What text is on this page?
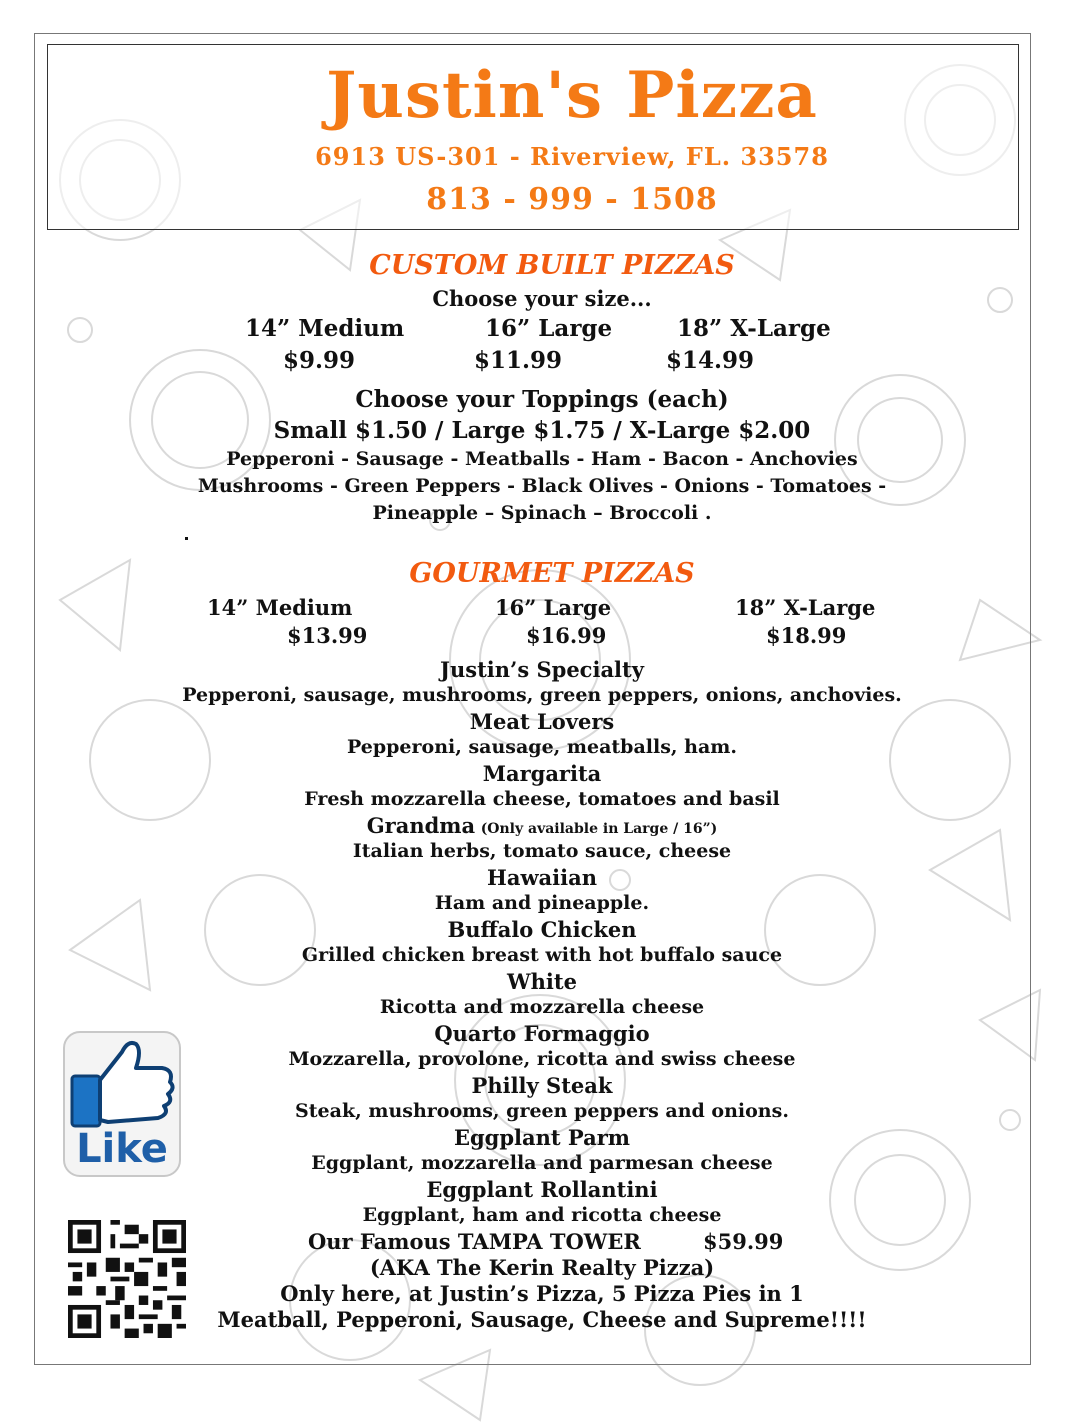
Justin's Pizza
6913 US-301 - Riverview, FL. 33578
813 - 999 - 1508
CUSTOM BUILT PIZZAS
Choose your size...
14” Medium	16” Large	18” X-Large
$9.99	$11.99	$14.99
Choose your Toppings (each)
Small $1.50 / Large $1.75 / X-Large $2.00
Pepperoni - Sausage - Meatballs - Ham - Bacon - Anchovies
Mushrooms - Green Peppers - Black Olives - Onions - Tomatoes -
Pineapple – Spinach – Broccoli .
GOURMET PIZZAS
14” Medium	16” Large	18” X-Large
$13.99	$16.99	$18.99
Justin’s Specialty
Pepperoni, sausage, mushrooms, green peppers, onions, anchovies.
Meat Lovers
Pepperoni, sausage, meatballs, ham.
Margarita
Fresh mozzarella cheese, tomatoes and basil
Grandma (Only available in Large / 16”)
Italian herbs, tomato sauce, cheese
Hawaiian
Ham and pineapple.
Buffalo Chicken
Grilled chicken breast with hot buffalo sauce
White
Ricotta and mozzarella cheese
Quarto Formaggio
Mozzarella, provolone, ricotta and swiss cheese
Philly Steak
Steak, mushrooms, green peppers and onions.
Eggplant Parm
Eggplant, mozzarella and parmesan cheese
Eggplant Rollantini
Eggplant, ham and ricotta cheese
Our Famous TAMPA TOWER	$59.99
(AKA The Kerin Realty Pizza)
Only here, at Justin’s Pizza, 5 Pizza Pies in 1
Meatball, Pepperoni, Sausage, Cheese and Supreme!!!!
Like
